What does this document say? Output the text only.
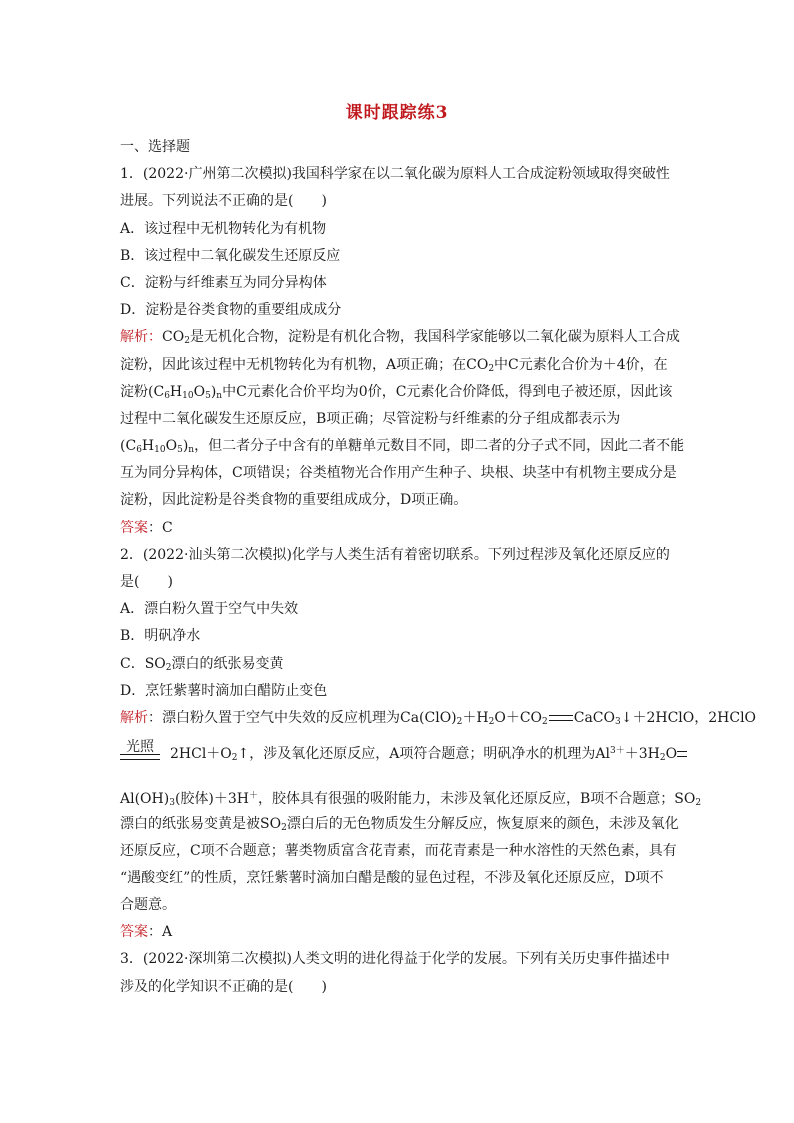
课时跟踪练3
一、选择题
1．(2022·广州第二次模拟)我国科学家在以二氧化碳为原料人工合成淀粉领域取得突破性
进展。下列说法不正确的是(　　)
A．该过程中无机物转化为有机物
B．该过程中二氧化碳发生还原反应
C．淀粉与纤维素互为同分异构体
D．淀粉是谷类食物的重要组成成分
解析：$CO_2$是无机化合物，淀粉是有机化合物，我国科学家能够以二氧化碳为原料人工合成
淀粉，因此该过程中无机物转化为有机物，A项正确；在$CO_2$中C元素化合价为＋4价，在
淀粉$(C_6H_{10}O_5)_n$中C元素化合价平均为0价，C元素化合价降低，得到电子被还原，因此该
过程中二氧化碳发生还原反应，B项正确；尽管淀粉与纤维素的分子组成都表示为
$(C_6H_{10}O_5)_n$，但二者分子中含有的单糖单元数目不同，即二者的分子式不同，因此二者不能
互为同分异构体，C项错误；谷类植物光合作用产生种子、块根、块茎中有机物主要成分是
淀粉，因此淀粉是谷类食物的重要组成成分，D项正确。
答案：C
2．(2022·汕头第二次模拟)化学与人类生活有着密切联系。下列过程涉及氧化还原反应的
是(　　)
A．漂白粉久置于空气中失效
B．明矾净水
C．$SO_2$漂白的纸张易变黄
D．烹饪紫薯时滴加白醋防止变色
解析：漂白粉久置于空气中失效的反应机理为$Ca(ClO)_2+H_2O+CO_2$ CaCO$_3$↓＋2HClO，2HClO
光照	$2HCl+O_2↑$，涉及氧化还原反应，A项符合题意；明矾净水的机理为$Al^{3+}+3H_2O$
$Al(OH)_3$(胶体)＋3H＋，胶体具有很强的吸附能力，未涉及氧化还原反应，B项不合题意；$SO_2$
漂白的纸张易变黄是被$SO_2$漂白后的无色物质发生分解反应，恢复原来的颜色，未涉及氧化
还原反应，C项不合题意；薯类物质富含花青素，而花青素是一种水溶性的天然色素，具有
“遇酸变红”的性质，烹饪紫薯时滴加白醋是酸的显色过程，不涉及氧化还原反应，D项不
合题意。
答案：A
3．(2022·深圳第二次模拟)人类文明的进化得益于化学的发展。下列有关历史事件描述中
涉及的化学知识不正确的是(　　)
